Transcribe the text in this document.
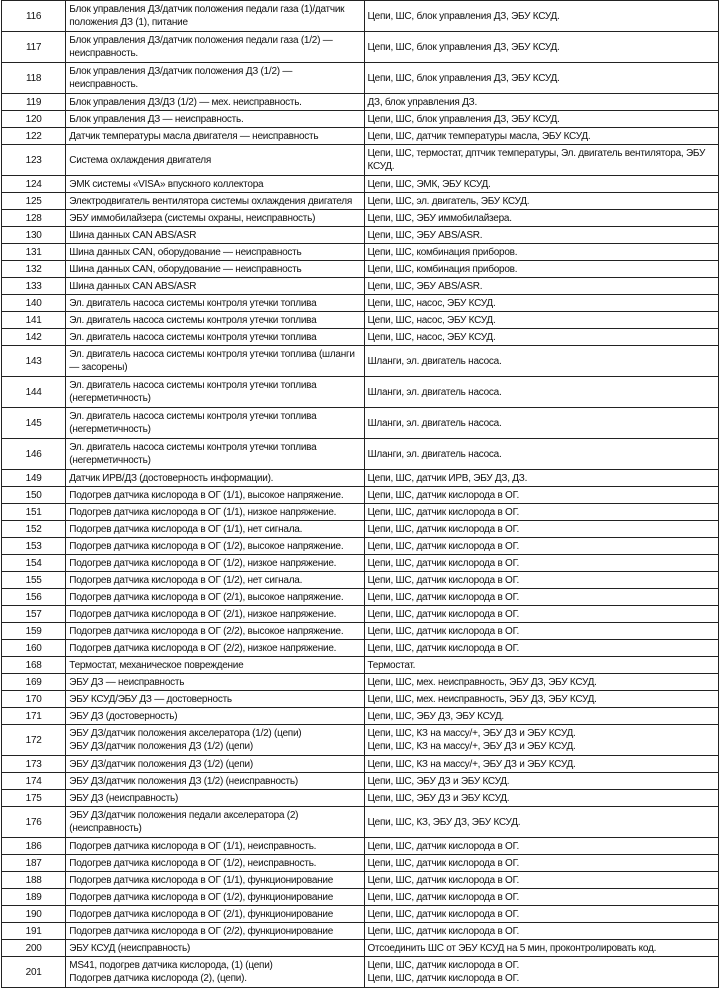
116	Блок управления ДЗ/датчик положения педали газа (1)/датчик положения ДЗ (1), питание	Цепи, ШС, блок управления ДЗ, ЭБУ КСУД.

117	Блок управления ДЗ/датчик положения педали газа (1/2) — неисправность.	Цепи, ШС, блок управления ДЗ, ЭБУ КСУД.

118	Блок управления ДЗ/датчик положения ДЗ (1/2) — неисправность.	Цепи, ШС, блок управления ДЗ, ЭБУ КСУД.

119	Блок управления ДЗ/ДЗ (1/2) — мех. неисправность.	ДЗ, блок управления ДЗ.

120	Блок управления ДЗ — неисправность.	Цепи, ШС, блок управления ДЗ, ЭБУ КСУД.

122	Датчик температуры масла двигателя — неисправность	Цепи, ШС, датчик температуры масла, ЭБУ КСУД.

123	Система охлаждения двигателя	Цепи, ШС, термостат, дптчик температуры, Эл. двигатель вентилятора, ЭБУ КСУД.

124	ЭМК системы «VISA» впускного коллектора	Цепи, ШС, ЭМК, ЭБУ КСУД.

125	Электродвигатель вентилятора системы охлаждения двигателя	Цепи, ШС, эл. двигатель, ЭБУ КСУД.

128	ЭБУ иммобилайзера (системы охраны, неисправность)	Цепи, ШС, ЭБУ иммобилайзера.

130	Шина данных CAN ABS/ASR	Цепи, ШС, ЭБУ ABS/ASR.

131	Шина данных CAN, оборудование — неисправность	Цепи, ШС, комбинация приборов.

132	Шина данных CAN, оборудование — неисправность	Цепи, ШС, комбинация приборов.

133	Шина данных CAN ABS/ASR	Цепи, ШС, ЭБУ ABS/ASR.

140	Эл. двигатель насоса системы контроля утечки топлива	Цепи, ШС, насос, ЭБУ КСУД.

141	Эл. двигатель насоса системы контроля утечки топлива	Цепи, ШС, насос, ЭБУ КСУД.

142	Эл. двигатель насоса системы контроля утечки топлива	Цепи, ШС, насос, ЭБУ КСУД.

143	Эл. двигатель насоса системы контроля утечки топлива (шланги — засорены)	Шланги, эл. двигатель насоса.

144	Эл. двигатель насоса системы контроля утечки топлива (негерметичность)	Шланги, эл. двигатель насоса.

145	Эл. двигатель насоса системы контроля утечки топлива (негерметичность)	Шланги, эл. двигатель насоса.

146	Эл. двигатель насоса системы контроля утечки топлива (негерметичность)	Шланги, эл. двигатель насоса.

149	Датчик ИРВ/ДЗ (достоверность информации).	Цепи, ШС, датчик ИРВ, ЭБУ ДЗ, ДЗ.

150	Подогрев датчика кислорода в ОГ (1/1), высокое напряжение.	Цепи, ШС, датчик кислорода в ОГ.

151	Подогрев датчика кислорода в ОГ (1/1), низкое напряжение.	Цепи, ШС, датчик кислорода в ОГ.

152	Подогрев датчика кислорода в ОГ (1/1), нет сигнала.	Цепи, ШС, датчик кислорода в ОГ.

153	Подогрев датчика кислорода в ОГ (1/2), высокое напряжение.	Цепи, ШС, датчик кислорода в ОГ.

154	Подогрев датчика кислорода в ОГ (1/2), низкое напряжение.	Цепи, ШС, датчик кислорода в ОГ.

155	Подогрев датчика кислорода в ОГ (1/2), нет сигнала.	Цепи, ШС, датчик кислорода в ОГ.

156	Подогрев датчика кислорода в ОГ (2/1), высокое напряжение.	Цепи, ШС, датчик кислорода в ОГ.

157	Подогрев датчика кислорода в ОГ (2/1), низкое напряжение.	Цепи, ШС, датчик кислорода в ОГ.

159	Подогрев датчика кислорода в ОГ (2/2), высокое напряжение.	Цепи, ШС, датчик кислорода в ОГ.

160	Подогрев датчика кислорода в ОГ (2/2), низкое напряжение.	Цепи, ШС, датчик кислорода в ОГ.

168	Термостат, механическое повреждение	Термостат.

169	ЭБУ ДЗ — неисправность	Цепи, ШС, мех. неисправность, ЭБУ ДЗ, ЭБУ КСУД.

170	ЭБУ КСУД/ЭБУ ДЗ — достоверность	Цепи, ШС, мех. неисправность, ЭБУ ДЗ, ЭБУ КСУД.

171	ЭБУ ДЗ (достоверность)	Цепи, ШС, ЭБУ ДЗ, ЭБУ КСУД.

172	ЭБУ ДЗ/датчик положения акселератора (1/2) (цепи)
ЭБУ ДЗ/датчик положения ДЗ (1/2) (цепи)	Цепи, ШС, КЗ на массу/+, ЭБУ ДЗ и ЭБУ КСУД.
Цепи, ШС, КЗ на массу/+, ЭБУ ДЗ и ЭБУ КСУД.

173	ЭБУ ДЗ/датчик положения ДЗ (1/2) (цепи)	Цепи, ШС, КЗ на массу/+, ЭБУ ДЗ и ЭБУ КСУД.

174	ЭБУ ДЗ/датчик положения ДЗ (1/2) (неисправность)	Цепи, ШС, ЭБУ ДЗ и ЭБУ КСУД.

175	ЭБУ ДЗ (неисправность)	Цепи, ШС, ЭБУ ДЗ и ЭБУ КСУД.

176	ЭБУ ДЗ/датчик положения педали акселератора (2) (неисправность)	Цепи, ШС, КЗ, ЭБУ ДЗ, ЭБУ КСУД.

186	Подогрев датчика кислорода в ОГ (1/1), неисправность.	Цепи, ШС, датчик кислорода в ОГ.

187	Подогрев датчика кислорода в ОГ (1/2), неисправность.	Цепи, ШС, датчик кислорода в ОГ.

188	Подогрев датчика кислорода в ОГ (1/1), функционирование	Цепи, ШС, датчик кислорода в ОГ.

189	Подогрев датчика кислорода в ОГ (1/2), функционирование	Цепи, ШС, датчик кислорода в ОГ.

190	Подогрев датчика кислорода в ОГ (2/1), функционирование	Цепи, ШС, датчик кислорода в ОГ.

191	Подогрев датчика кислорода в ОГ (2/2), функционирование	Цепи, ШС, датчик кислорода в ОГ.

200	ЭБУ КСУД (неисправность)	Отсоединить ШС от ЭБУ КСУД на 5 мин, проконтролировать код.

201	MS41, подогрев датчика кислорода, (1) (цепи)
Подогрев датчика кислорода (2), (цепи).	Цепи, ШС, датчик кислорода в ОГ.
Цепи, ШС, датчик кислорода в ОГ.
